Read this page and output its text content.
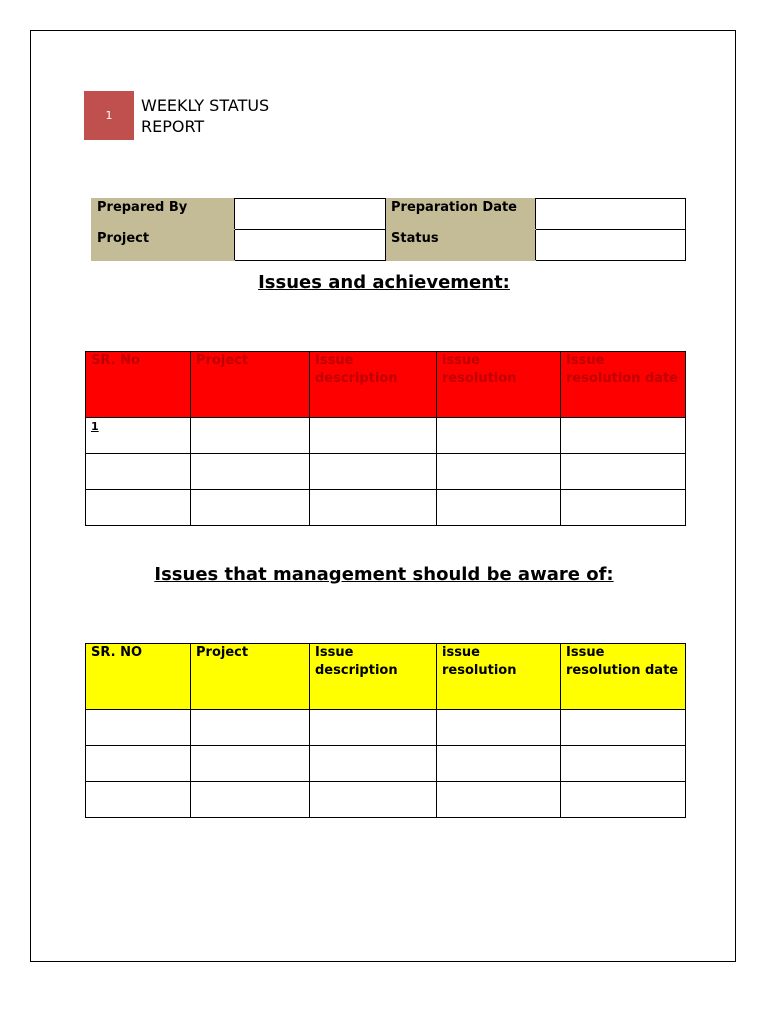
1
WEEKLY STATUS REPORT
Prepared By		Preparation Date	
Project		Status	
Issues and achievement:
SR. No	Project	Issue description	issue resolution	Issue resolution date
1				

Issues that management should be aware of:
SR. NO	Project	Issue description	issue resolution	Issue resolution date
